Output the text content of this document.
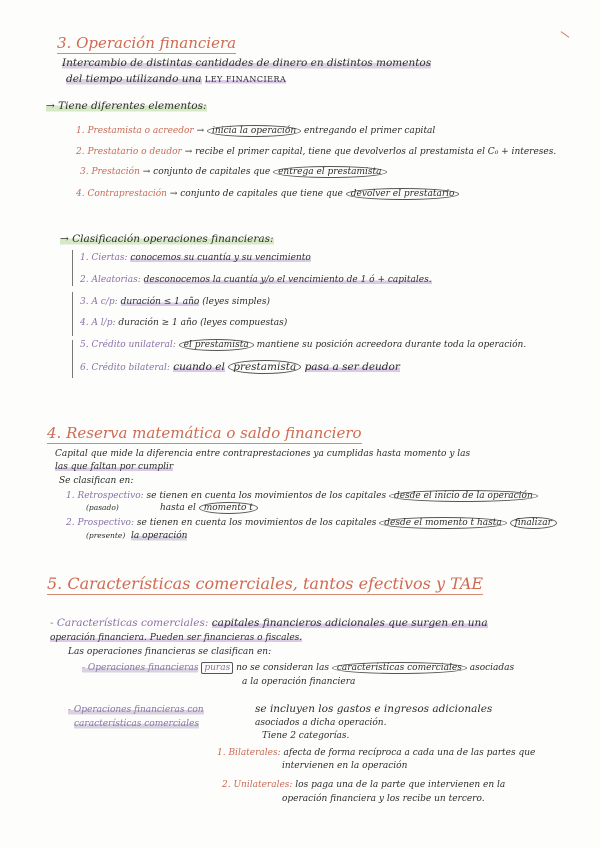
3. Operación financiera
Intercambio de distintas cantidades de dinero en distintos momentos
del tiempo utilizando una LEY FINANCIERA
→ Tiene diferentes elementos:
1. Prestamista o acreedor → inicia la operación entregando el primer capital
2. Prestatario o deudor → recibe el primer capital, tiene que devolverlos al prestamista el C₀ + intereses.
3. Prestación → conjunto de capitales que entrega el prestamista
4. Contraprestación → conjunto de capitales que tiene que devolver el prestatario
→ Clasificación operaciones financieras:
1. Ciertas: conocemos su cuantía y su vencimiento
2. Aleatorias: desconocemos la cuantía y/o el vencimiento de 1 ó + capitales.
3. A c/p: duración ≤ 1 año (leyes simples)
4. A l/p: duración ≥ 1 año (leyes compuestas)
5. Crédito unilateral: el prestamista mantiene su posición acreedora durante toda la operación.
6. Crédito bilateral: cuando el prestamista pasa a ser deudor
4. Reserva matemática o saldo financiero
Capital que mide la diferencia entre contraprestaciones ya cumplidas hasta momento y las
las que faltan por cumplir
Se clasifican en:
1. Retrospectivo: se tienen en cuenta los movimientos de los capitales desde el inicio de la operación
(pasado)	hasta el momento t
2. Prospectivo: se tienen en cuenta los movimientos de los capitales desde el momento t hasta finalizar
(presente) la operación
5. Características comerciales, tantos efectivos y TAE
- Características comerciales: capitales financieros adicionales que surgen en una
operación financiera. Pueden ser financieras o fiscales.
Las operaciones financieras se clasifican en:
- Operaciones financieras puras no se consideran las características comerciales asociadas
a la operación financiera
- Operaciones financieras con
características comerciales
se incluyen los gastos e ingresos adicionales
asociados a dicha operación.
Tiene 2 categorías.
1. Bilaterales: afecta de forma recíproca a cada una de las partes que
intervienen en la operación
2. Unilaterales: los paga una de la parte que intervienen en la
operación financiera y los recibe un tercero.
